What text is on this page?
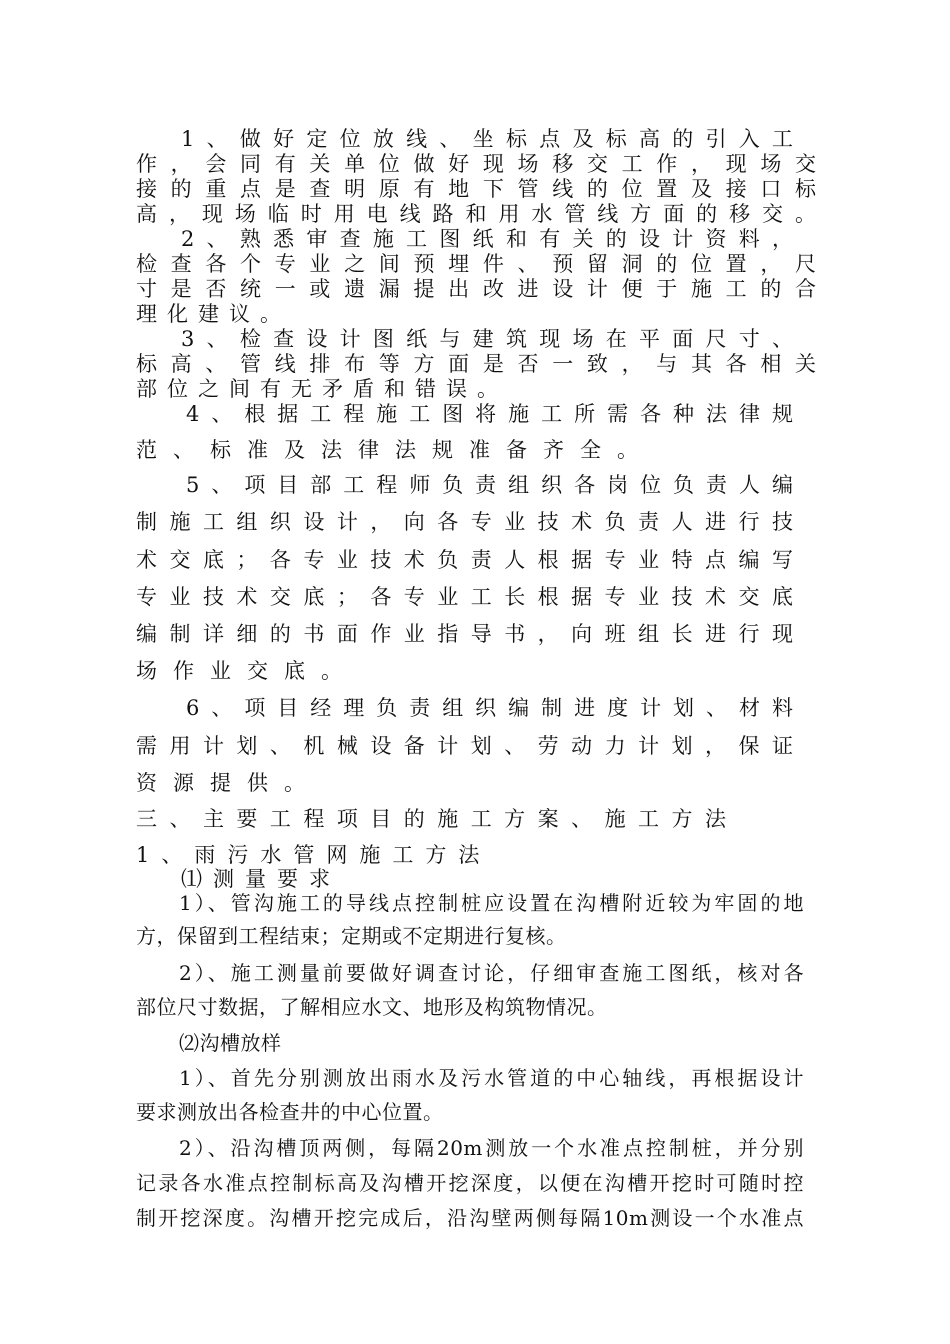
1、做好定位放线、坐标点及标高的引入工
作，会同有关单位做好现场移交工作，现场交
接的重点是查明原有地下管线的位置及接口标
高，现场临时用电线路和用水管线方面的移交。
2、熟悉审查施工图纸和有关的设计资料，
检查各个专业之间预埋件、预留洞的位置，尺
寸是否统一或遗漏提出改进设计便于施工的合
理化建议。
3、检查设计图纸与建筑现场在平面尺寸、
标高、管线排布等方面是否一致，与其各相关
部位之间有无矛盾和错误。
4、根据工程施工图将施工所需各种法律规
范、标准及法律法规准备齐全。
5、项目部工程师负责组织各岗位负责人编
制施工组织设计，向各专业技术负责人进行技
术交底；各专业技术负责人根据专业特点编写
专业技术交底；各专业工长根据专业技术交底
编制详细的书面作业指导书，向班组长进行现
场作业交底。
6、项目经理负责组织编制进度计划、材料
需用计划、机械设备计划、劳动力计划，保证
资源提供。
三、主要工程项目的施工方案、施工方法
1、雨污水管网施工方法
⑴测量要求
1）、管沟施工的导线点控制桩应设置在沟槽附近较为牢固的地
方，保留到工程结束；定期或不定期进行复核。
2）、施工测量前要做好调查讨论，仔细审查施工图纸，核对各
部位尺寸数据，了解相应水文、地形及构筑物情况。
⑵沟槽放样
1）、首先分别测放出雨水及污水管道的中心轴线，再根据设计
要求测放出各检查井的中心位置。
2）、沿沟槽顶两侧，每隔20m测放一个水准点控制桩，并分别
记录各水准点控制标高及沟槽开挖深度，以便在沟槽开挖时可随时控
制开挖深度。沟槽开挖完成后，沿沟壁两侧每隔10m测设一个水准点
